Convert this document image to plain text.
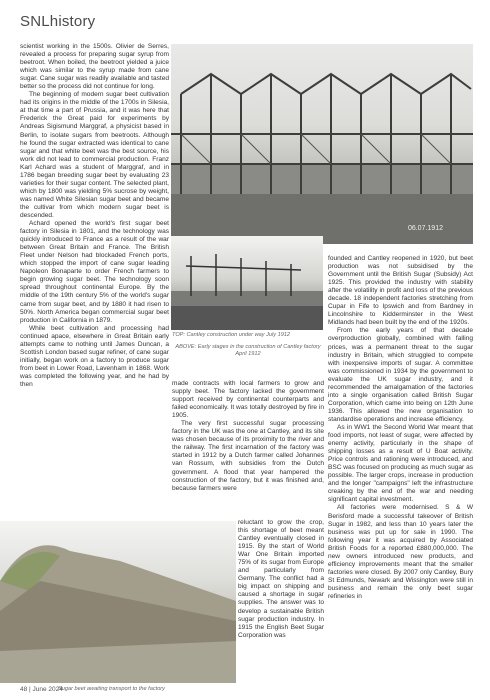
SNLhistory
06.07.1912

scientist working in the 1500s. Olivier de Serres, revealed a process for preparing sugar syrup from beetroot. When boiled, the beetroot yielded a juice which was similar to the syrup made from cane sugar. Cane sugar was readily available and tasted better so the process did not continue for long.

The beginning of modern sugar beet cultivation had its origins in the middle of the 1700s in Silesia, at that time a part of Prussia, and it was here that Frederick the Great paid for experiments by Andreas Sigismund Marggraf, a physicist based in Berlin, to isolate sugars from beetroots. Although he found the sugar extracted was identical to cane sugar and that white beet was the best source, his work did not lead to commercial production. Franz Karl Achard was a student of Marggraf, and in 1786 began breeding sugar beet by evaluating 23 varieties for their sugar content. The selected plant, which by 1800 was yielding 5% sucrose by weight, was named White Silesian sugar beet and became the cultivar from which modern sugar beet is descended.

Achard opened the world's first sugar beet factory in Silesia in 1801, and the technology was quickly introduced to France as a result of the war between Great Britain and France. The British Fleet under Nelson had blockaded French ports, which stopped the import of cane sugar leading Napoleon Bonaparte to order French farmers to begin growing sugar beet. The technology soon spread throughout continental Europe. By the middle of the 19th century 5% of the world's sugar came from sugar beet, and by 1880 it had risen to 50%. North America began commercial sugar beet production in California in 1879.

While beet cultivation and processing had continued apace, elsewhere in Great Britain early attempts came to nothing until James Duncan, a Scottish London based sugar refiner, of cane sugar initially, began work on a factory to produce sugar from beet in Lower Road, Lavenham in 1868. Work was completed the following year, and he had by then

TOP: Cantley construction under way July 1912
ABOVE: Early stages in the construction of Cantley factory April 1912

made contracts with local farmers to grow and supply beet. The factory lacked the government support received by continental counterparts and failed economically. It was totally destroyed by fire in 1905.

The very first successful sugar processing factory in the UK was the one at Cantley, and its site was chosen because of its proximity to the river and the railway. The first incarnation of the factory was started in 1912 by a Dutch farmer called Johannes van Rossum, with subsidies from the Dutch government. A flood that year hampered the construction of the factory, but it was finished and, because farmers were

reluctant to grow the crop, this shortage of beet meant Cantley eventually closed in 1915. By the start of World War One Britain imported 75% of its sugar from Europe and particularly from Germany. The conflict had a big impact on shipping and caused a shortage in sugar supplies. The answer was to develop a sustainable British sugar production industry. In 1915 the English Beet Sugar Corporation was

founded and Cantley reopened in 1920, but beet production was not subsidised by the Government until the British Sugar (Subsidy) Act 1925. This provided the industry with stability after the volatility in profit and loss of the previous decade. 18 independent factories stretching from Cupar in Fife to Ipswich and from Bardney in Lincolnshire to Kidderminster in the West Midlands had been built by the end of the 1920s.

From the early years of that decade overproduction globally, combined with falling prices, was a permanent threat to the sugar industry in Britain, which struggled to compete with inexpensive imports of sugar. A committee was commissioned in 1934 by the government to evaluate the UK sugar industry, and it recommended the amalgamation of the factories into a single organisation called British Sugar Corporation, which came into being on 12th June 1936. This allowed the new organisation to standardise operations and increase efficiency.

As in WW1 the Second World War meant that food imports, not least of sugar, were affected by enemy activity, particularly in the shape of shipping losses as a result of U Boat activity. Price controls and rationing were introduced, and BSC was focused on producing as much sugar as possible. The larger crops, increase in production and the longer "campaigns" left the infrastructure creaking by the end of the war and needing significant capital investment.

All factories were modernised. S & W Berisford made a successful takeover of British Sugar in 1982, and less than 10 years later the business was put up for sale in 1990. The following year it was acquired by Associated British Foods for a reported £880,000,000. The new owners introduced new products, and efficiency improvements meant that the smaller factories were closed. By 2007 only Cantley, Bury St Edmunds, Newark and Wissington were still in business and remain the only beet sugar refineries in

Sugar beet awaiting transport to the factory
48 | June 2024
